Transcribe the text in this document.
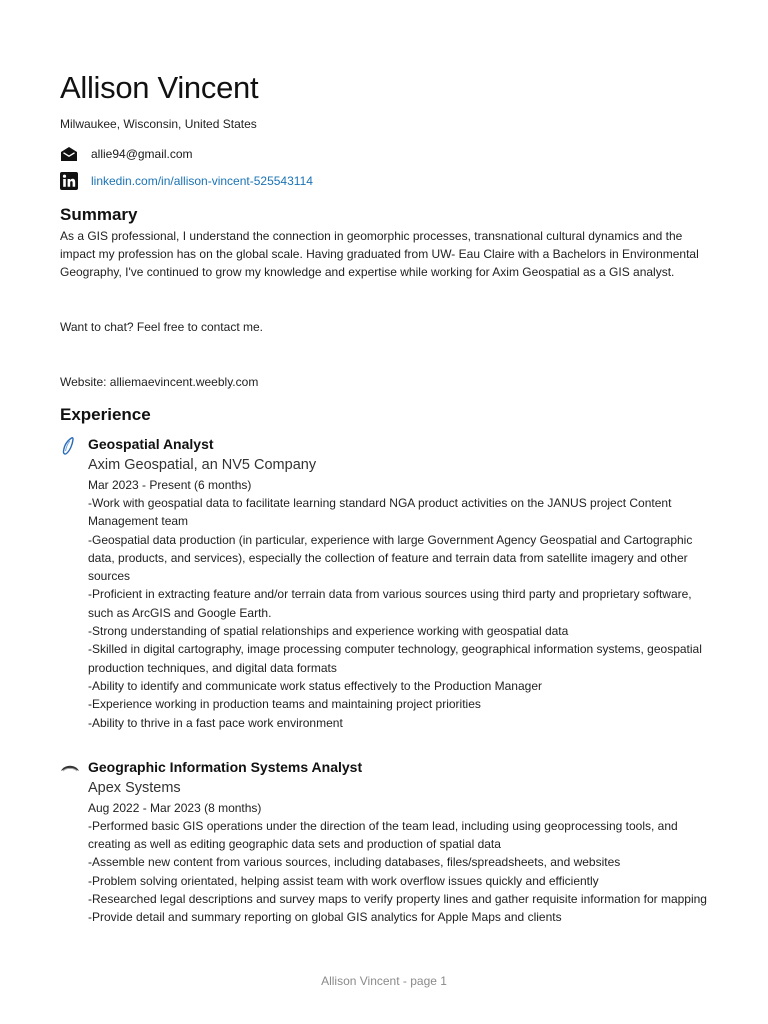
Allison Vincent
Milwaukee, Wisconsin, United States
allie94@gmail.com
linkedin.com/in/allison-vincent-525543114
Summary

As a GIS professional, I understand the connection in geomorphic processes, transnational cultural dynamics and the impact my profession has on the global scale. Having graduated from UW- Eau Claire with a Bachelors in Environmental Geography, I've continued to grow my knowledge and expertise while working for Axim Geospatial as a GIS analyst.

Want to chat? Feel free to contact me.

Website: alliemaevincent.weebly.com

Experience
Geospatial Analyst
Axim Geospatial, an NV5 Company
Mar 2023 - Present (6 months)
-Work with geospatial data to facilitate learning standard NGA product activities on the JANUS project Content Management team
-Geospatial data production (in particular, experience with large Government Agency Geospatial and Cartographic data, products, and services), especially the collection of feature and terrain data from satellite imagery and other sources
-Proficient in extracting feature and/or terrain data from various sources using third party and proprietary software, such as ArcGIS and Google Earth.
-Strong understanding of spatial relationships and experience working with geospatial data
-Skilled in digital cartography, image processing computer technology, geographical information systems, geospatial production techniques, and digital data formats
-Ability to identify and communicate work status effectively to the Production Manager
-Experience working in production teams and maintaining project priorities
-Ability to thrive in a fast pace work environment
Geographic Information Systems Analyst
Apex Systems
Aug 2022 - Mar 2023 (8 months)
-Performed basic GIS operations under the direction of the team lead, including using geoprocessing tools, and creating as well as editing geographic data sets and production of spatial data
-Assemble new content from various sources, including databases, files/spreadsheets, and websites
-Problem solving orientated, helping assist team with work overflow issues quickly and efficiently
-Researched legal descriptions and survey maps to verify property lines and gather requisite information for mapping
-Provide detail and summary reporting on global GIS analytics for Apple Maps and clients
Allison Vincent - page 1
